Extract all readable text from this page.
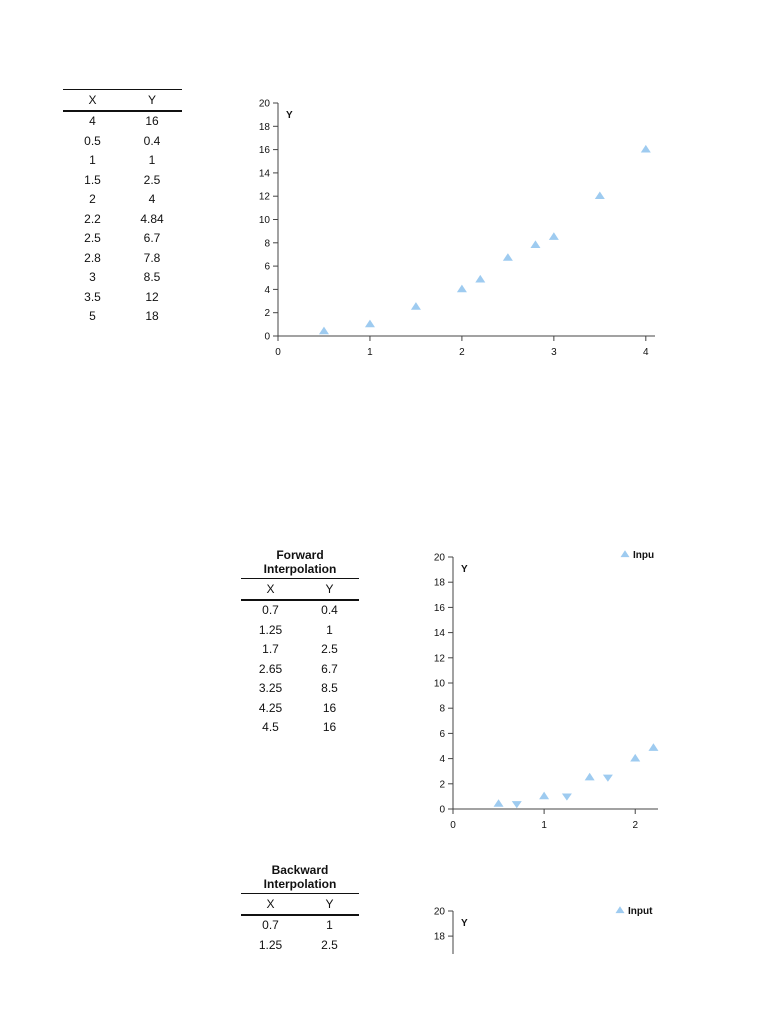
X	Y
4	16
0.5	0.4
1	1
1.5	2.5
2	4
2.2	4.84
2.5	6.7
2.8	7.8
3	8.5
3.5	12
5	18
0
2
4
6
8
10
12
14
16
18
20
Y
0	1	2	3	4
Forward
Interpolation	

X	Y
0.7	0.4
1.25	1
1.7	2.5
2.65	6.7
3.25	8.5
4.25	16
4.5	16
0
2
4
6
8
10
12
14
16
18
20
Y
0	1	2
Inpu
Backward
Interpolation	

X	Y
0.7	1
1.25	2.5
20
18
Y
Input
